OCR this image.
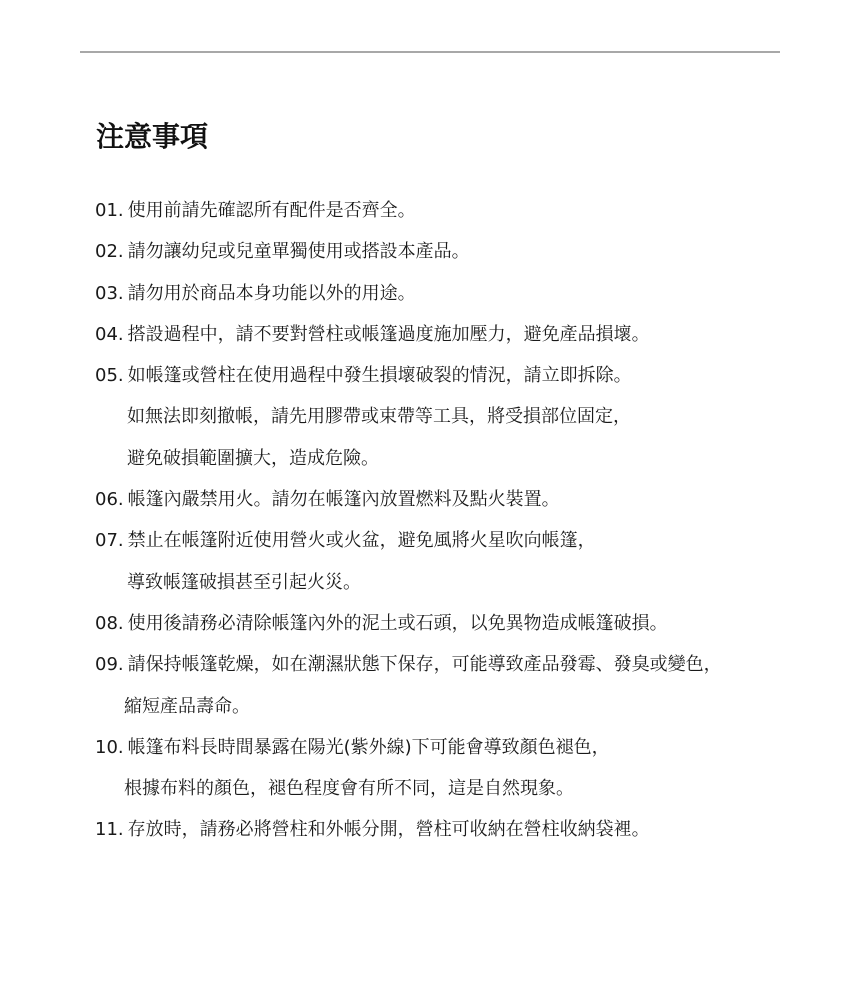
注意事項
01. 使用前請先確認所有配件是否齊全。
02. 請勿讓幼兒或兒童單獨使用或搭設本產品。
03. 請勿用於商品本身功能以外的用途。
04. 搭設過程中，請不要對營柱或帳篷過度施加壓力，避免產品損壞。
05. 如帳篷或營柱在使用過程中發生損壞破裂的情況，請立即拆除。
如無法即刻撤帳，請先用膠帶或束帶等工具，將受損部位固定，
避免破損範圍擴大，造成危險。
06. 帳篷內嚴禁用火。請勿在帳篷內放置燃料及點火裝置。
07. 禁止在帳篷附近使用營火或火盆，避免風將火星吹向帳篷，
導致帳篷破損甚至引起火災。
08. 使用後請務必清除帳篷內外的泥土或石頭，以免異物造成帳篷破損。
09. 請保持帳篷乾燥，如在潮濕狀態下保存，可能導致產品發霉、發臭或變色，
縮短產品壽命。
10. 帳篷布料長時間暴露在陽光(紫外線)下可能會導致顏色褪色，
根據布料的顏色，褪色程度會有所不同，這是自然現象。
11. 存放時，請務必將營柱和外帳分開，營柱可收納在營柱收納袋裡。
